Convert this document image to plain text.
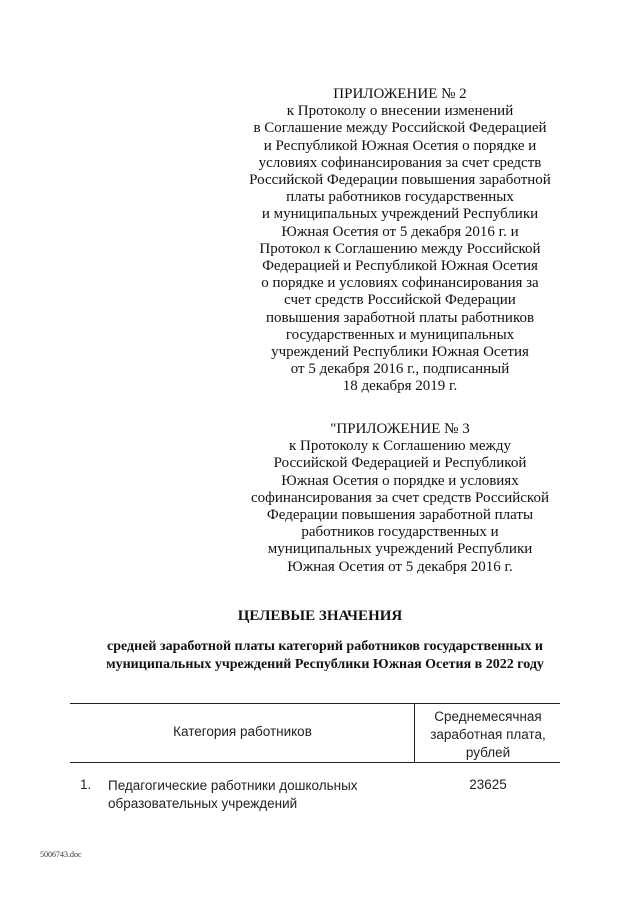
ПРИЛОЖЕНИЕ № 2
к Протоколу о внесении изменений
в Соглашение между Российской Федерацией
и Республикой Южная Осетия о порядке и
условиях софинансирования за счет средств
Российской Федерации повышения заработной
платы работников государственных
и муниципальных учреждений Республики
Южная Осетия от 5 декабря 2016 г. и
Протокол к Соглашению между Российской
Федерацией и Республикой Южная Осетия
о порядке и условиях софинансирования за
счет средств Российской Федерации
повышения заработной платы работников
государственных и муниципальных
учреждений Республики Южная Осетия
от 5 декабря 2016 г., подписанный
18 декабря 2019 г.
"ПРИЛОЖЕНИЕ № 3
к Протоколу к Соглашению между
Российской Федерацией и Республикой
Южная Осетия о порядке и условиях
софинансирования за счет средств Российской
Федерации повышения заработной платы
работников государственных и
муниципальных учреждений Республики
Южная Осетия от 5 декабря 2016 г.
ЦЕЛЕВЫЕ ЗНАЧЕНИЯ
средней заработной платы категорий работников государственных и
муниципальных учреждений Республики Южная Осетия в 2022 году
Категория работников
Среднемесячная
заработная плата,
рублей
1. Педагогические работники дошкольных
образовательных учреждений
23625
5006743.doc
